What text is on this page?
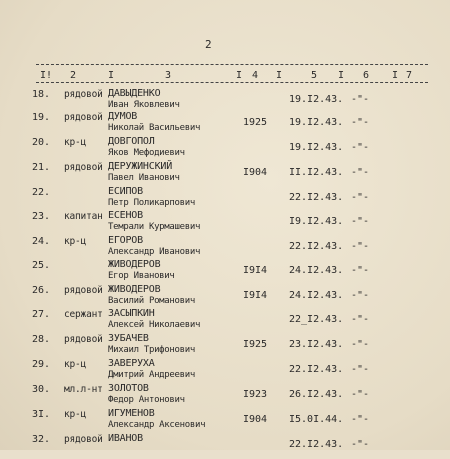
2
I! 2	I	3	I 4 I	5 I 6 I 7
18. рядовой ДАВЫДЕНКО
Иван Яковлевич	19.I2.43. -"-
19. рядовой ДУМОВ
Николай Васильевич	1925 19.I2.43. -"-
20. кр-ц ДОВГОПОЛ
Яков Мефодиевич	19.I2.43. -"-
21. рядовой ДЕРУЖИНСКИЙ
Павел Иванович	I904 II.I2.43. -"-
22.	ЕСИПОВ
Петр Поликарпович	22.I2.43. -"-
23. капитан ЕСЕНОВ
Темрали Курмашевич	I9.I2.43. -"-
24. кр-ц ЕГОРОВ
Александр Иванович	22.I2.43. -"-
25.	ЖИВОДЕРОВ
Егор Иванович	I9I4 24.I2.43. -"-
26. рядовой ЖИВОДЕРОВ
Василий Романович	I9I4 24.I2.43. -"-
27. сержант ЗАСЫПКИН
Алексей Николаевич	22_I2.43. -"-
28. рядовой ЗУБАЧЕВ
Михаил Трифонович	I925 23.I2.43. -"-
29. кр-ц ЗАВЕРУХА
Дмитрий Андреевич	22.I2.43. -"-
30. мл.л-нт ЗОЛОТОВ
Федор Антонович	I923 26.I2.43. -"-
3I. кр-ц ИГУМЕНОВ
Александр Аксенович	I904 I5.0I.44. -"-
32. рядовой ИВАНОВ
22.I2.43. -"-
